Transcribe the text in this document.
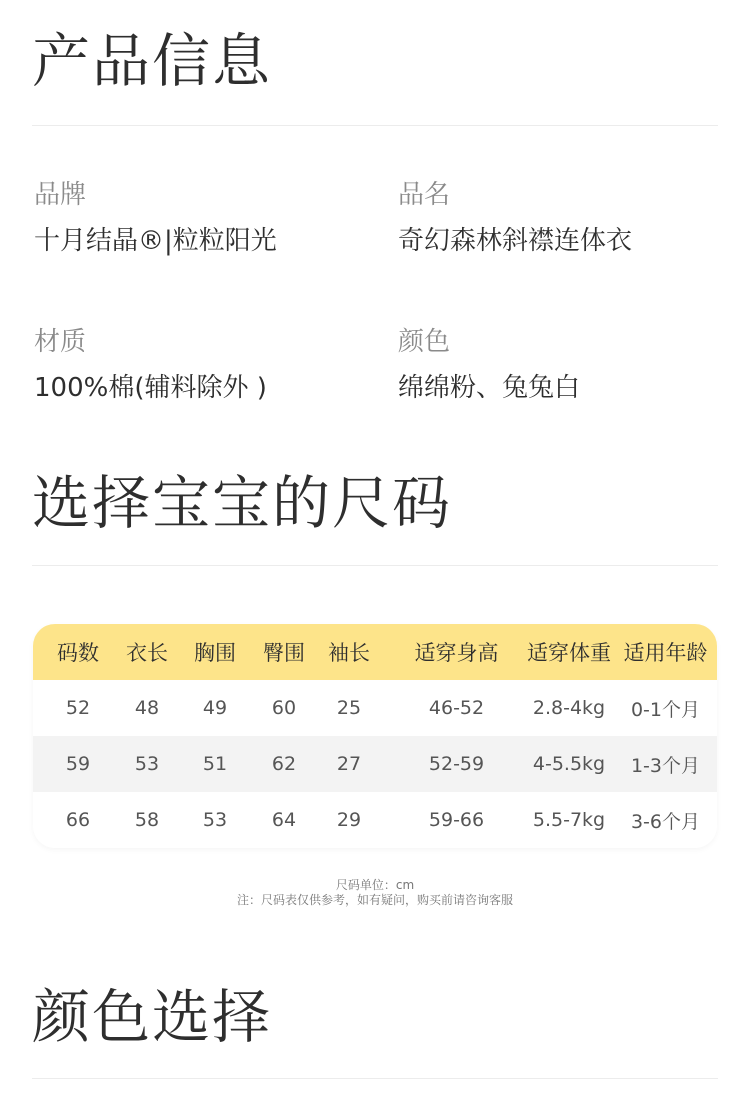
产品信息
品牌
十月结晶®|粒粒阳光
品名
奇幻森林斜襟连体衣
材质
100%棉(辅料除外 )
颜色
绵绵粉、兔兔白
选择宝宝的尺码
码数	衣长	胸围	臀围	袖长	适穿身高	适穿体重 适用年龄
52	48	49	60	25	46-52	2.8-4kg	0-1个月
59	53	51	62	27	52-59	4-5.5kg	1-3个月
66	58	53	64	29	59-66	5.5-7kg	3-6个月
尺码单位：cm
注：尺码表仅供参考，如有疑问，购买前请咨询客服
颜色选择
